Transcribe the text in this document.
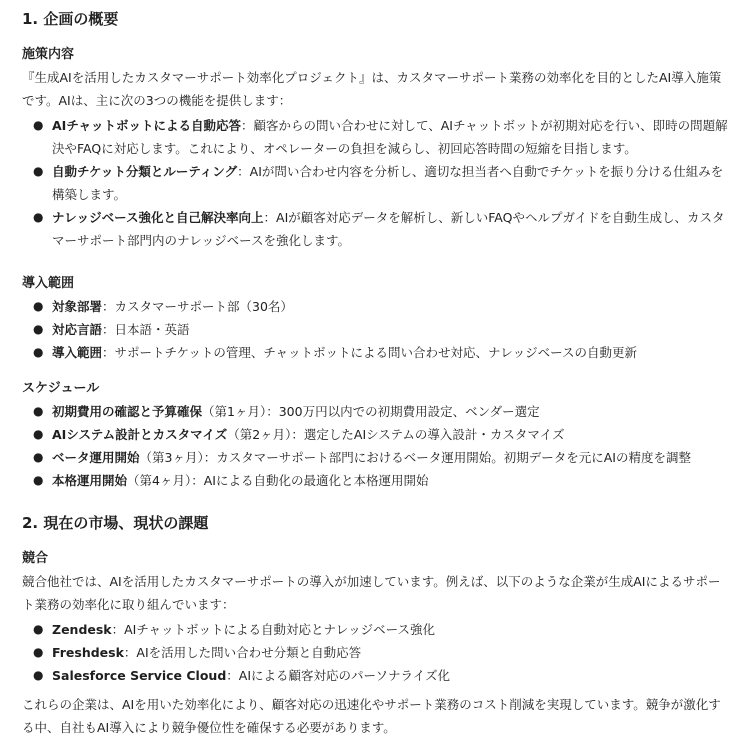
1. 企画の概要
施策内容

『生成AIを活用したカスタマーサポート効率化プロジェクト』は、カスタマーサポート業務の効率化を目的としたAI導入施策です。AIは、主に次の3つの機能を提供します：

● AIチャットボットによる自動応答：顧客からの問い合わせに対して、AIチャットボットが初期対応を行い、即時の問題解決やFAQに対応します。これにより、オペレーターの負担を減らし、初回応答時間の短縮を目指します。
● 自動チケット分類とルーティング：AIが問い合わせ内容を分析し、適切な担当者へ自動でチケットを振り分ける仕組みを構築します。
● ナレッジベース強化と自己解決率向上：AIが顧客対応データを解析し、新しいFAQやヘルプガイドを自動生成し、カスタマーサポート部門内のナレッジベースを強化します。
導入範囲
● 対象部署：カスタマーサポート部（30名）
● 対応言語：日本語・英語
● 導入範囲：サポートチケットの管理、チャットボットによる問い合わせ対応、ナレッジベースの自動更新
スケジュール
● 初期費用の確認と予算確保（第1ヶ月）：300万円以内での初期費用設定、ベンダー選定
● AIシステム設計とカスタマイズ（第2ヶ月）：選定したAIシステムの導入設計・カスタマイズ
● ベータ運用開始（第3ヶ月）：カスタマーサポート部門におけるベータ運用開始。初期データを元にAIの精度を調整
● 本格運用開始（第4ヶ月）：AIによる自動化の最適化と本格運用開始
2. 現在の市場、現状の課題
競合

競合他社では、AIを活用したカスタマーサポートの導入が加速しています。例えば、以下のような企業が生成AIによるサポート業務の効率化に取り組んでいます：

● Zendesk：AIチャットボットによる自動対応とナレッジベース強化
● Freshdesk：AIを活用した問い合わせ分類と自動応答
● Salesforce Service Cloud：AIによる顧客対応のパーソナライズ化

これらの企業は、AIを用いた効率化により、顧客対応の迅速化やサポート業務のコスト削減を実現しています。競争が激化する中、自社もAI導入により競争優位性を確保する必要があります。
